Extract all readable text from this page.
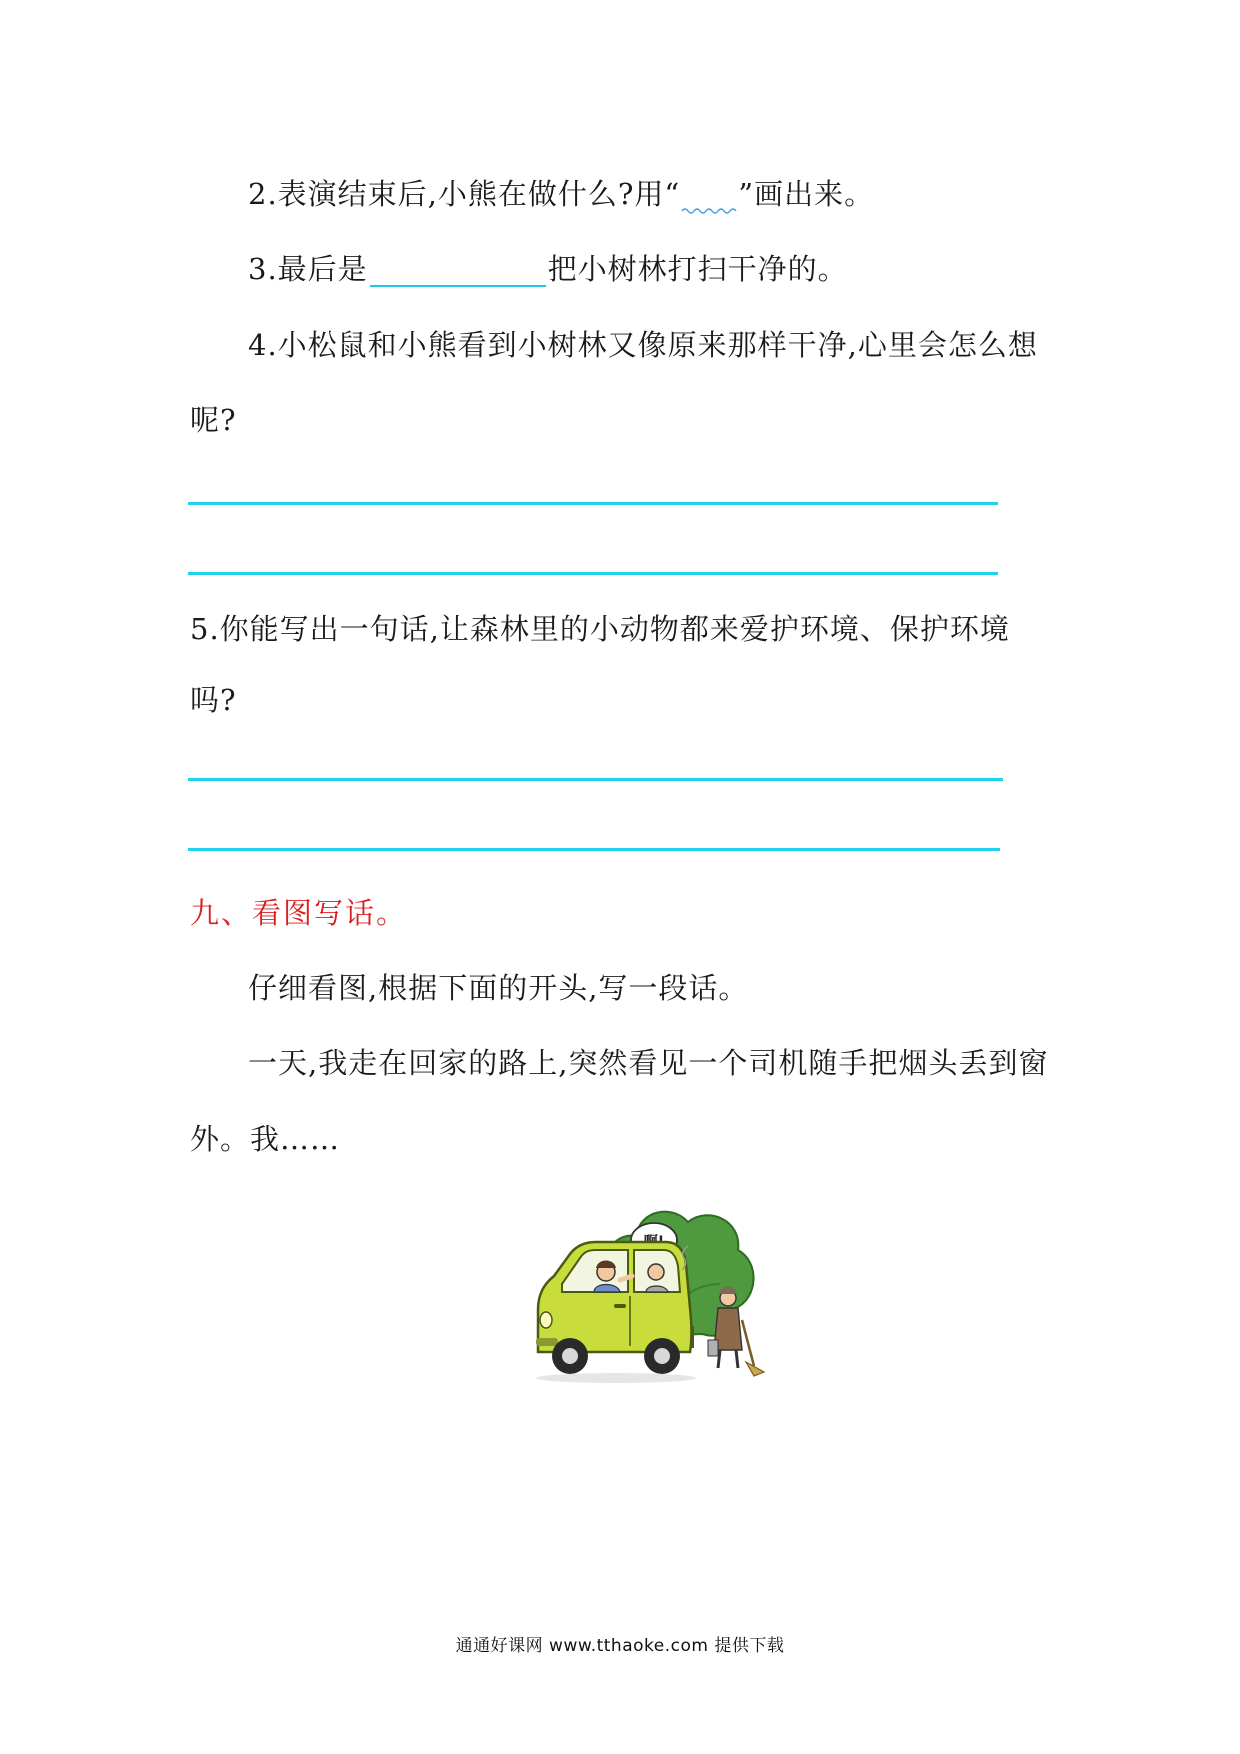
2.表演结束后,小熊在做什么?用“ ”画出来。
3.最后是	把小树林打扫干净的。
4.小松鼠和小熊看到小树林又像原来那样干净,心里会怎么想
呢?
5.你能写出一句话,让森林里的小动物都来爱护环境、保护环境
吗?
九、看图写话。
仔细看图,根据下面的开头,写一段话。
一天,我走在回家的路上,突然看见一个司机随手把烟头丢到窗
外。我……
通通好课网 www.tthaoke.com 提供下载
